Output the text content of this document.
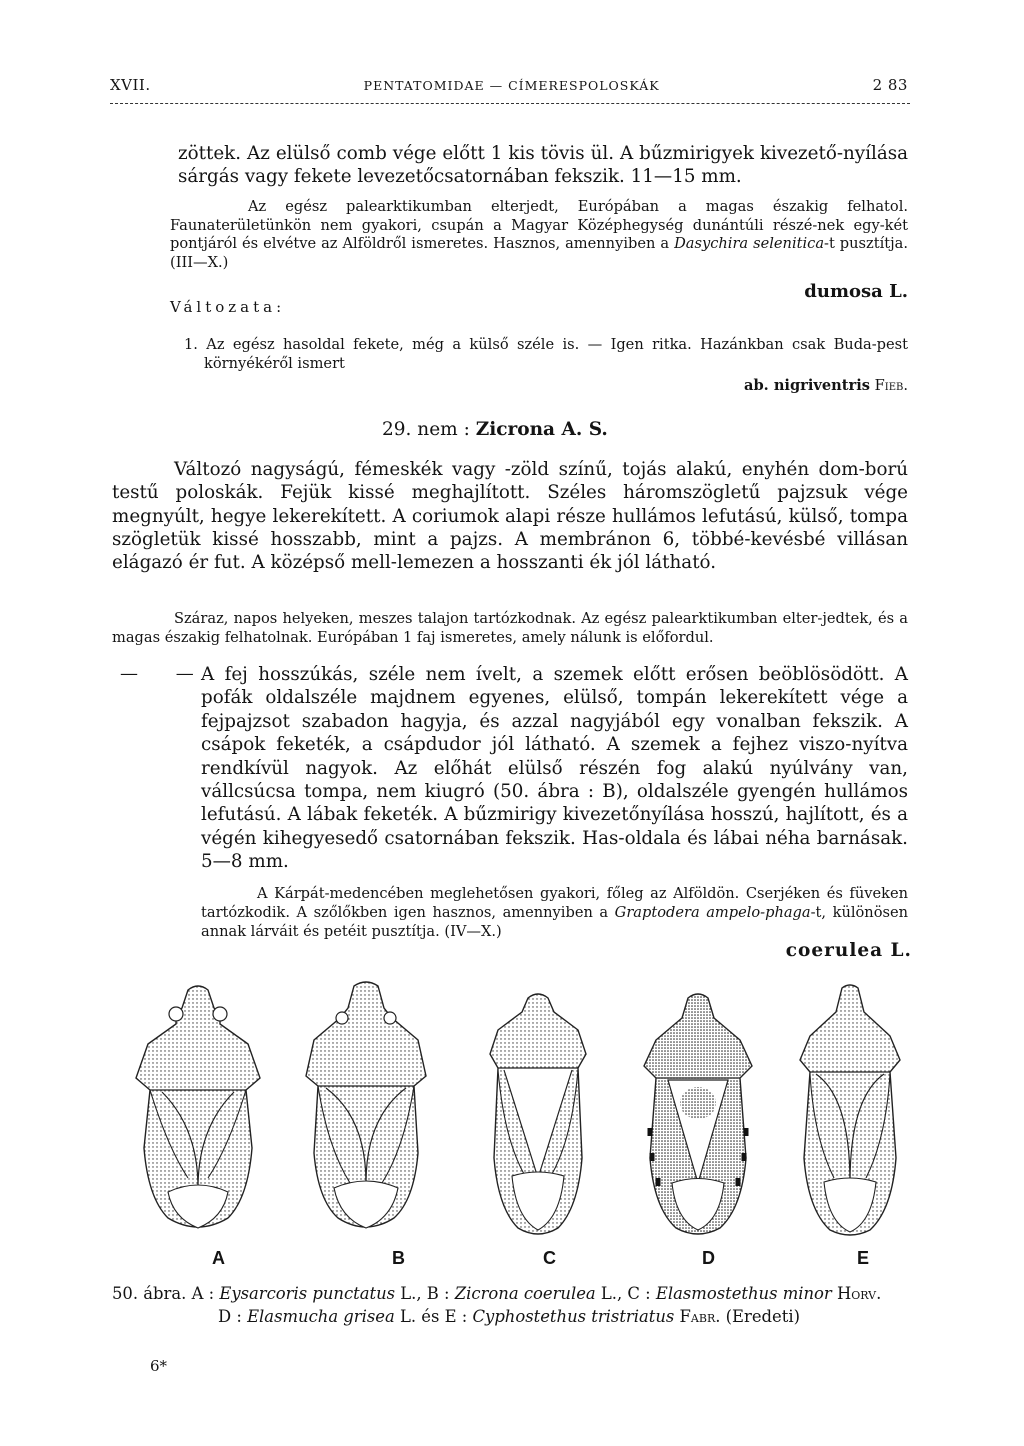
XVII.	PENTATOMIDAE — CÍMERESPOLOSKÁK	2 83

zöttek. Az elülső comb vége előtt 1 kis tövis ül. A bűzmirigyek kivezető-nyílása sárgás vagy fekete levezetőcsatornában fekszik. 11—15 mm.

Az egész palearktikumban elterjedt, Európában a magas északig felhatol. Faunaterületünkön nem gyakori, csupán a Magyar Középhegység dunántúli részé-nek egy-két pontjáról és elvétve az Alföldről ismeretes. Hasznos, amennyiben a Dasychira selenitica-t pusztítja. (III—X.)

dumosa L.
Változata:

1. Az egész hasoldal fekete, még a külső széle is. — Igen ritka. Hazánkban csak Buda-pest környékéről ismert

ab. nigriventris Fieb.
29. nem : Zicrona A. S.

Változó nagyságú, fémeskék vagy -zöld színű, tojás alakú, enyhén dom-ború testű poloskák. Fejük kissé meghajlított. Széles háromszögletű pajzsuk vége megnyúlt, hegye lekerekített. A coriumok alapi része hullámos lefutású, külső, tompa szögletük kissé hosszabb, mint a pajzs. A membránon 6, többé-kevésbé villásan elágazó ér fut. A középső mell-lemezen a hosszanti ék jól látható.

Száraz, napos helyeken, meszes talajon tartózkodnak. Az egész palearktikumban elter-jedtek, és a magas északig felhatolnak. Európában 1 faj ismeretes, amely nálunk is előfordul.

— —

A fej hosszúkás, széle nem ívelt, a szemek előtt erősen beöblösödött. A pofák oldalszéle majdnem egyenes, elülső, tompán lekerekített vége a fejpajzsot szabadon hagyja, és azzal nagyjából egy vonalban fekszik. A csápok feketék, a csápdudor jól látható. A szemek a fejhez viszo-nyítva rendkívül nagyok. Az előhát elülső részén fog alakú nyúlvány van, vállcsúcsa tompa, nem kiugró (50. ábra : B), oldalszéle gyengén hullámos lefutású. A lábak feketék. A bűzmirigy kivezetőnyílása hosszú, hajlított, és a végén kihegyesedő csatornában fekszik. Has-oldala és lábai néha barnásak. 5—8 mm.

A Kárpát-medencében meglehetősen gyakori, főleg az Alföldön. Cserjéken és füveken tartózkodik. A szőlőkben igen hasznos, amennyiben a Graptodera ampelo-phaga-t, különösen annak lárváit és petéit pusztítja. (IV—X.)

coerulea L.
A	B	C	D	E
50. ábra. A : Eysarcoris punctatus L., B : Zicrona coerulea L., C : Elasmostethus minor Horv.
D : Elasmucha grisea L. és E : Cyphostethus tristriatus Fabr. (Eredeti)
6*
